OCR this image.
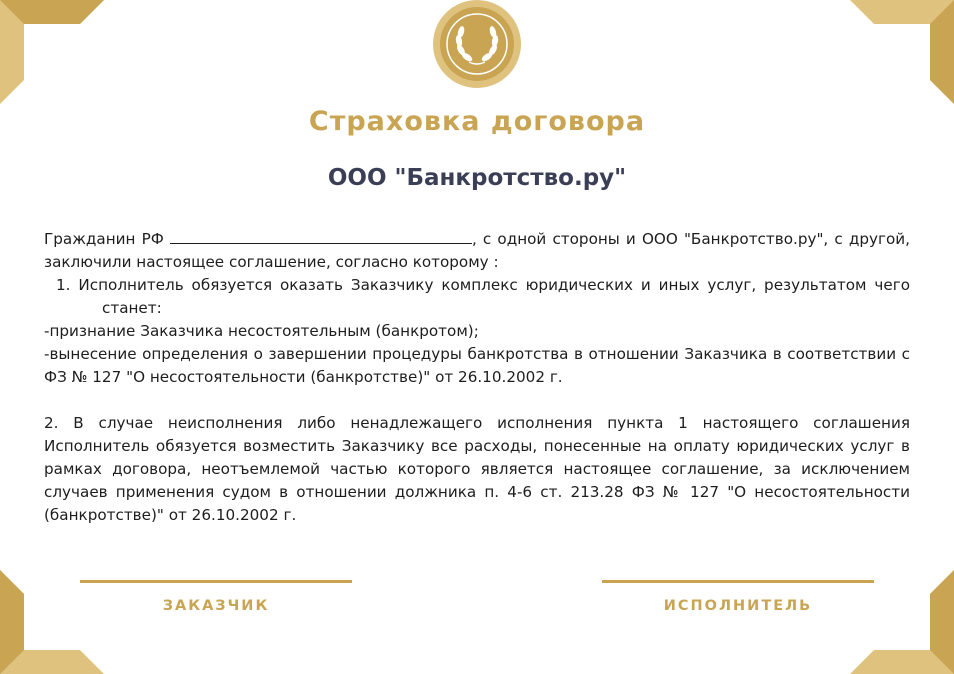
Страховка договора
ООО "Банкротство.ру"

Гражданин РФ	, с одной стороны и ООО "Банкротство.ру", с другой, заключили настоящее соглашение, согласно которому :

1. Исполнитель обязуется оказать Заказчику комплекс юридических и иных услуг, результатом чего станет:

-признание Заказчика несостоятельным (банкротом);

-вынесение определения о завершении процедуры банкротства в отношении Заказчика в соответствии с ФЗ № 127 "О несостоятельности (банкротстве)" от 26.10.2002 г.

2. В случае неисполнения либо ненадлежащего исполнения пункта 1 настоящего соглашения Исполнитель обязуется возместить Заказчику все расходы, понесенные на оплату юридических услуг в рамках договора, неотъемлемой частью которого является настоящее соглашение, за исключением случаев применения судом в отношении должника п. 4-6 ст. 213.28 ФЗ № 127 "О несостоятельности (банкротстве)" от 26.10.2002 г.

ЗАКАЗЧИК	ИСПОЛНИТЕЛЬ
